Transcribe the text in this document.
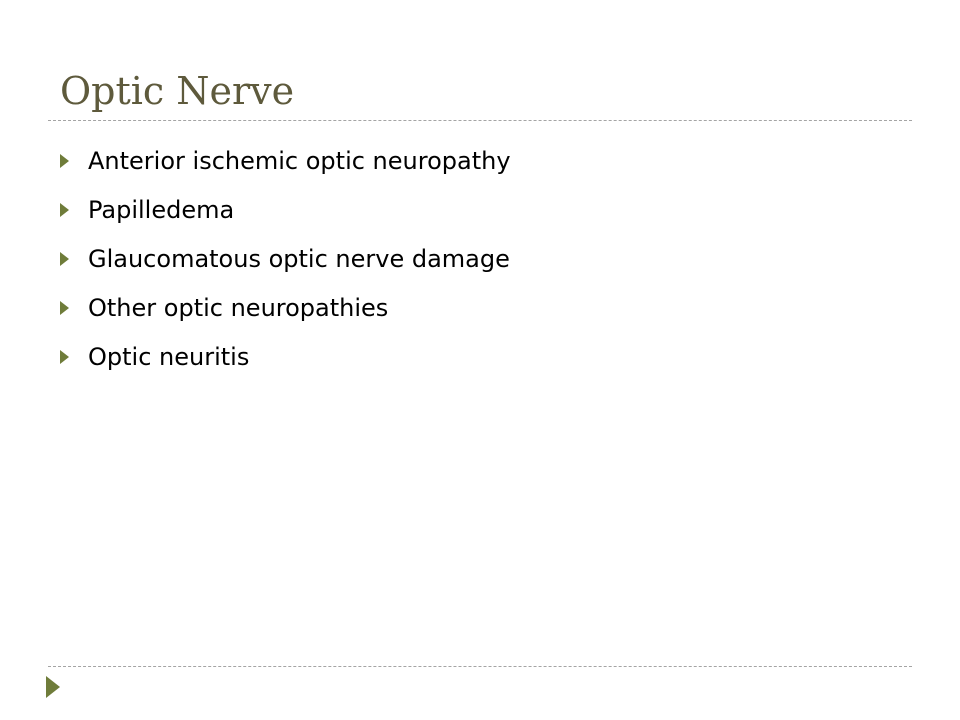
Optic Nerve
Anterior ischemic optic neuropathy
Papilledema
Glaucomatous optic nerve damage
Other optic neuropathies
Optic neuritis
